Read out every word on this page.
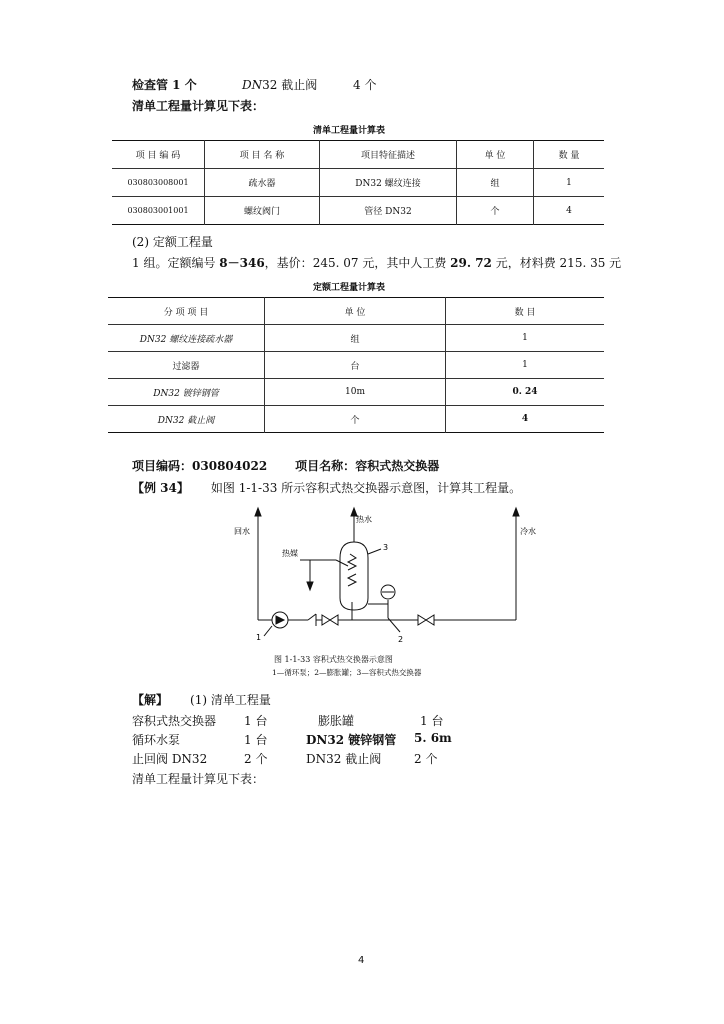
检查管 1 个	DN32 截止阀	4 个
清单工程量计算见下表：
清单工程量计算表
项 目 编 码	项 目 名 称	项目特征描述	单 位	数 量
030803008001	疏水器	DN32 螺纹连接	组	1
030803001001	螺纹阀门	管径 DN32	个	4
(2) 定额工程量
1 组。定额编号 8－346，基价：245. 07 元，其中人工费 29. 72 元，材料费 215. 35 元
定额工程量计算表
分 项 项 目	单 位	数 目
DN32 螺纹连接疏水器	组	1
过滤器	台	1
DN32 镀锌钢管	10m	0. 24
DN32 截止阀	个	4
项目编码：030804022 项目名称：容积式热交换器
【例 34】 如图 1-1-33 所示容积式热交换器示意图，计算其工程量。
回水
热水
冷水
热媒
1	2
3
图 1-1-33 容积式热交换器示意图
1—循环泵；2—膨胀罐；3—容积式热交换器
【解】 (1) 清单工程量
容积式热交换器 1 台	膨胀罐	1 台
循环水泵	1 台	DN32 镀锌钢管 5. 6m
止回阀 DN32	2 个	DN32 截止阀	2 个
清单工程量计算见下表：
4
